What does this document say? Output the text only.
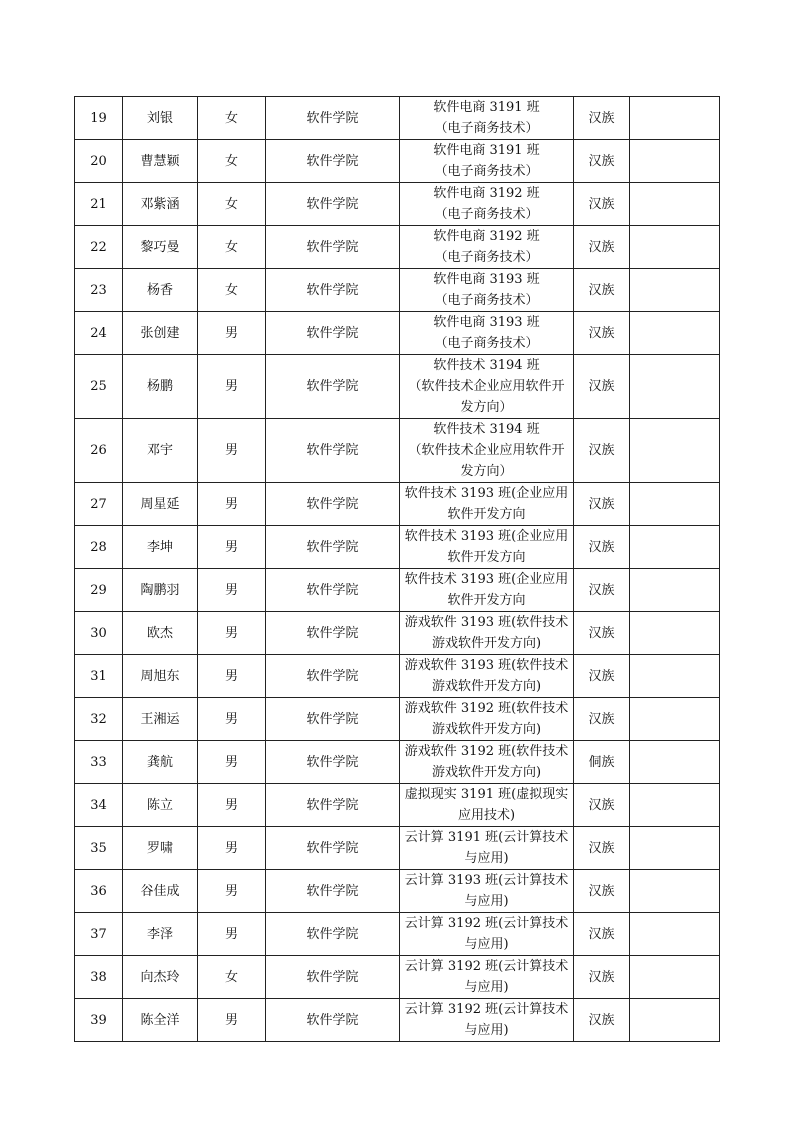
19	刘银	女	软件学院	软件电商 3191 班
（电子商务技术）	汉族	
20	曹慧颖	女	软件学院	软件电商 3191 班
（电子商务技术）	汉族	
21	邓紫涵	女	软件学院	软件电商 3192 班
（电子商务技术）	汉族	
22	黎巧曼	女	软件学院	软件电商 3192 班
（电子商务技术）	汉族	
23	杨香	女	软件学院	软件电商 3193 班
（电子商务技术）	汉族	
24	张创建	男	软件学院	软件电商 3193 班
（电子商务技术）	汉族	
25	杨鹏	男	软件学院	软件技术 3194 班
（软件技术企业应用软件开
发方向）	汉族	
26	邓宇	男	软件学院	软件技术 3194 班
（软件技术企业应用软件开
发方向）	汉族	
27	周星延	男	软件学院	软件技术 3193 班(企业应用
软件开发方向	汉族	
28	李坤	男	软件学院	软件技术 3193 班(企业应用
软件开发方向	汉族	
29	陶鹏羽	男	软件学院	软件技术 3193 班(企业应用
软件开发方向	汉族	
30	欧杰	男	软件学院	游戏软件 3193 班(软件技术
游戏软件开发方向)	汉族	
31	周旭东	男	软件学院	游戏软件 3193 班(软件技术
游戏软件开发方向)	汉族	
32	王湘运	男	软件学院	游戏软件 3192 班(软件技术
游戏软件开发方向)	汉族	
33	龚航	男	软件学院	游戏软件 3192 班(软件技术
游戏软件开发方向)	侗族	
34	陈立	男	软件学院	虚拟现实 3191 班(虚拟现实
应用技术)	汉族	
35	罗啸	男	软件学院	云计算 3191 班(云计算技术
与应用)	汉族	
36	谷佳成	男	软件学院	云计算 3193 班(云计算技术
与应用)	汉族	
37	李泽	男	软件学院	云计算 3192 班(云计算技术
与应用)	汉族	
38	向杰玲	女	软件学院	云计算 3192 班(云计算技术
与应用)	汉族	
39	陈全洋	男	软件学院	云计算 3192 班(云计算技术
与应用)	汉族	
